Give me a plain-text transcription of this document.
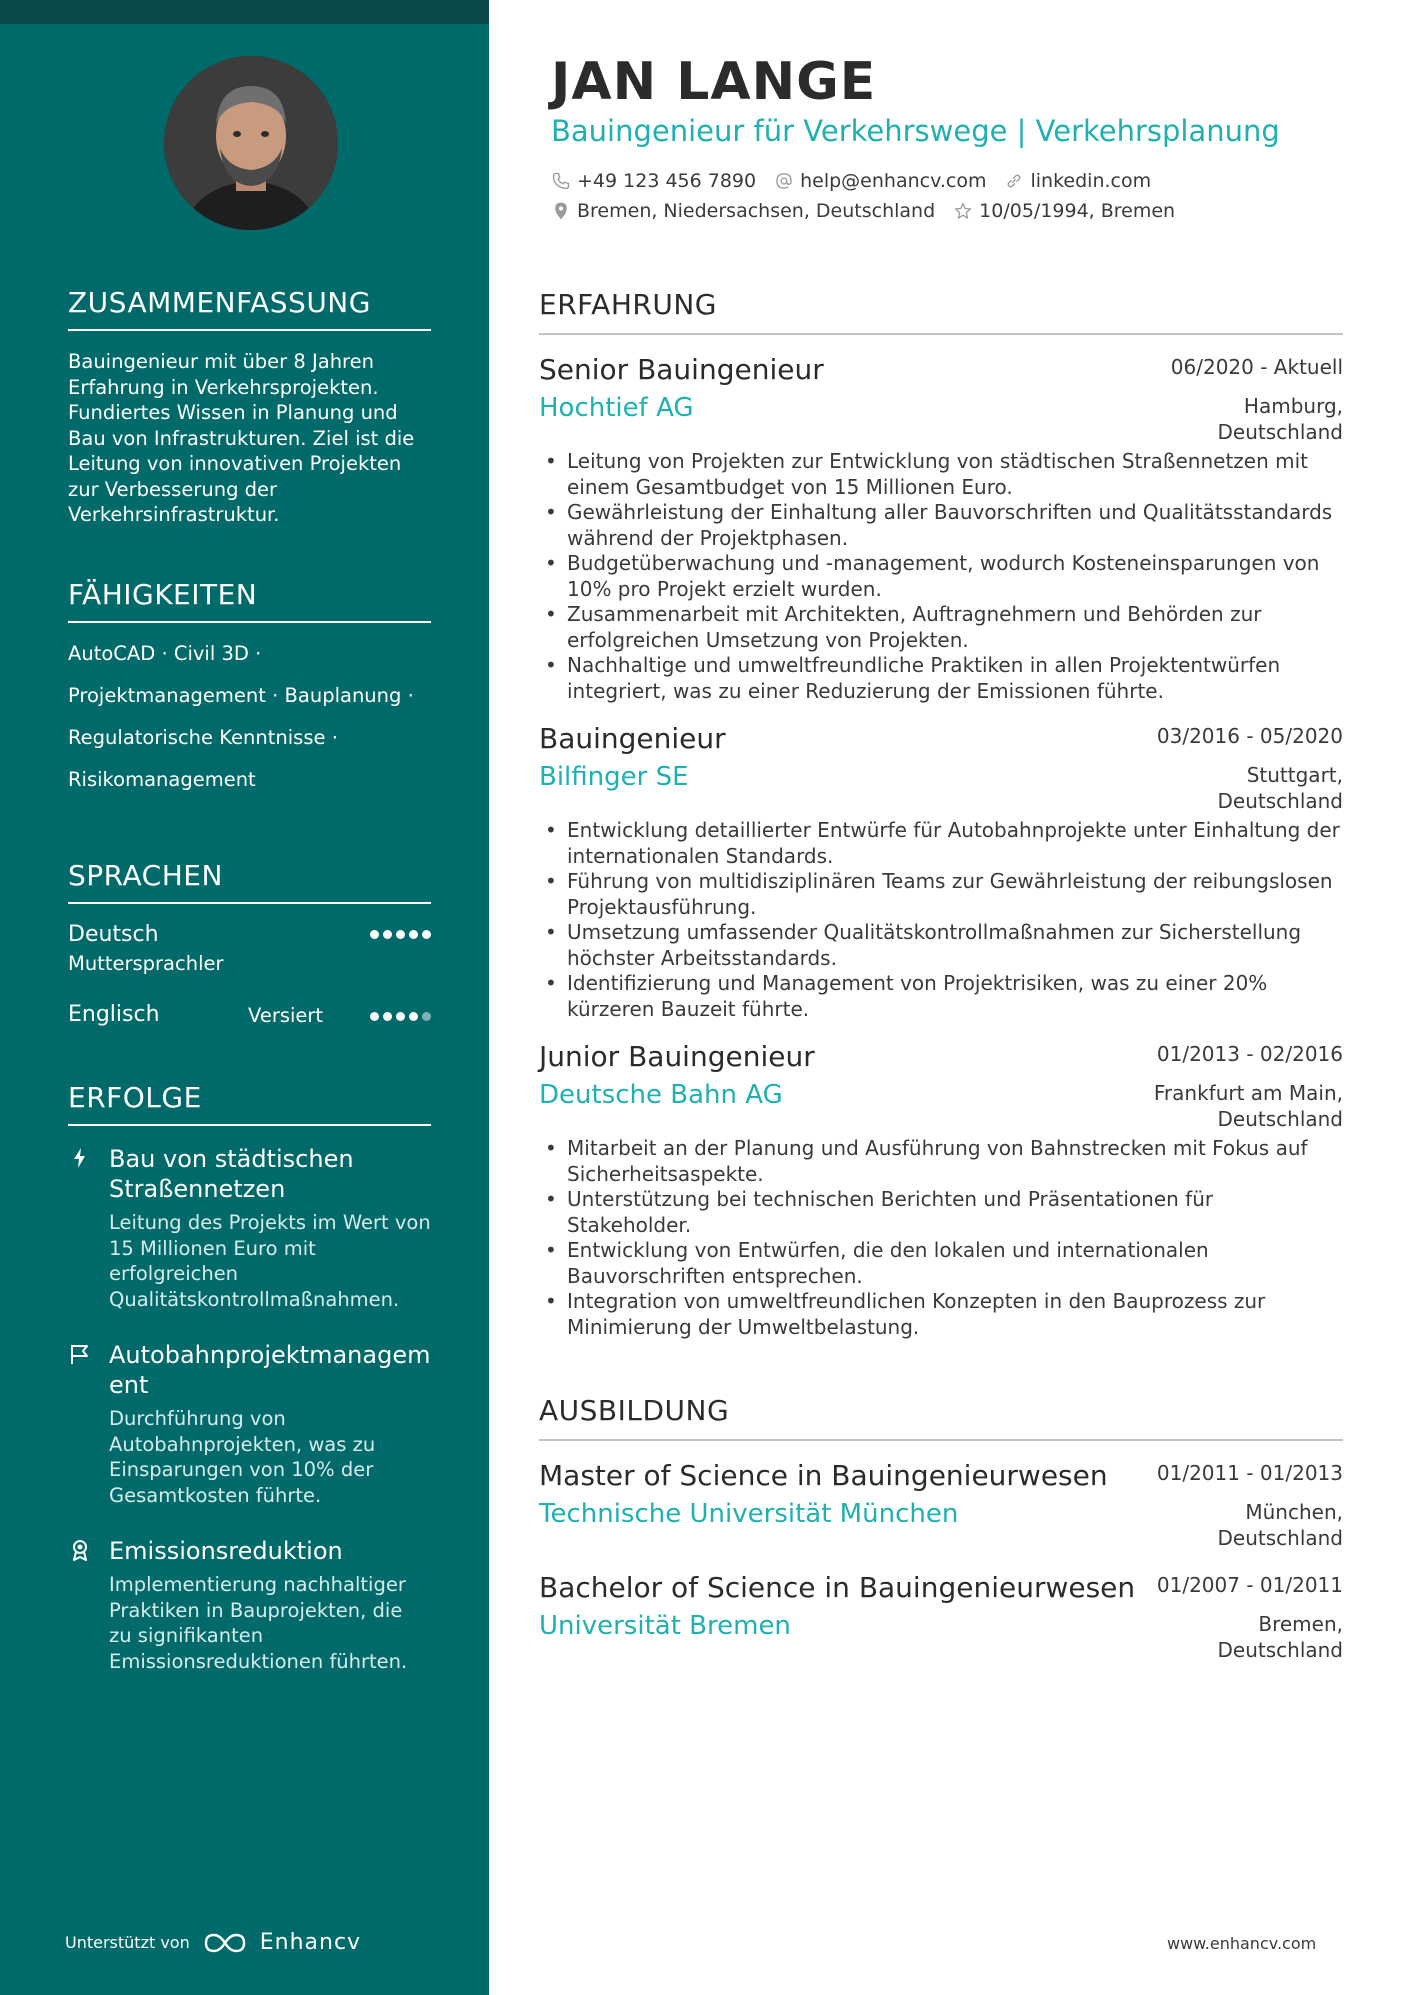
ZUSAMMENFASSUNG
Bauingenieur mit über 8 Jahren Erfahrung in Verkehrsprojekten. Fundiertes Wissen in Planung und Bau von Infrastrukturen. Ziel ist die Leitung von innovativen Projekten zur Verbesserung der Verkehrsinfrastruktur.
FÄHIGKEITEN
AutoCAD · Civil 3D ·
Projektmanagement · Bauplanung ·
Regulatorische Kenntnisse ·
Risikomanagement
SPRACHEN
Deutsch
Muttersprachler
Englisch	Versiert
ERFOLGE
Bau von städtischen Straßennetzen
Leitung des Projekts im Wert von 15 Millionen Euro mit erfolgreichen Qualitätskontrollmaßnahmen.
Autobahnprojektmanagem ent
Durchführung von Autobahnprojekten, was zu Einsparungen von 10% der Gesamtkosten führte.
Emissionsreduktion
Implementierung nachhaltiger Praktiken in Bauprojekten, die zu signifikanten Emissionsreduktionen führten.
Unterstützt von	Enhancv
JAN LANGE
Bauingenieur für Verkehrswege | Verkehrsplanung
+49 123 456 7890 help@enhancv.com linkedin.com
Bremen, Niedersachsen, Deutschland 10/05/1994, Bremen
ERFAHRUNG
Senior Bauingenieur	06/2020 - Aktuell
Hochtief AG	Hamburg,
Deutschland
• Leitung von Projekten zur Entwicklung von städtischen Straßennetzen mit einem Gesamtbudget von 15 Millionen Euro.
• Gewährleistung der Einhaltung aller Bauvorschriften und Qualitätsstandards während der Projektphasen.
• Budgetüberwachung und -management, wodurch Kosteneinsparungen von 10% pro Projekt erzielt wurden.
• Zusammenarbeit mit Architekten, Auftragnehmern und Behörden zur erfolgreichen Umsetzung von Projekten.
• Nachhaltige und umweltfreundliche Praktiken in allen Projektentwürfen integriert, was zu einer Reduzierung der Emissionen führte.
Bauingenieur	03/2016 - 05/2020
Bilfinger SE	Stuttgart,
Deutschland
• Entwicklung detaillierter Entwürfe für Autobahnprojekte unter Einhaltung der internationalen Standards.
• Führung von multidisziplinären Teams zur Gewährleistung der reibungslosen Projektausführung.
• Umsetzung umfassender Qualitätskontrollmaßnahmen zur Sicherstellung höchster Arbeitsstandards.
• Identifizierung und Management von Projektrisiken, was zu einer 20% kürzeren Bauzeit führte.
Junior Bauingenieur	01/2013 - 02/2016
Deutsche Bahn AG	Frankfurt am Main,
Deutschland
• Mitarbeit an der Planung und Ausführung von Bahnstrecken mit Fokus auf Sicherheitsaspekte.
• Unterstützung bei technischen Berichten und Präsentationen für Stakeholder.
• Entwicklung von Entwürfen, die den lokalen und internationalen Bauvorschriften entsprechen.
• Integration von umweltfreundlichen Konzepten in den Bauprozess zur Minimierung der Umweltbelastung.
AUSBILDUNG
Master of Science in Bauingenieurwesen 01/2011 - 01/2013
Technische Universität München	München,
Deutschland
Bachelor of Science in Bauingenieurwesen 01/2007 - 01/2011
Universität Bremen	Bremen,
Deutschland
www.enhancv.com
